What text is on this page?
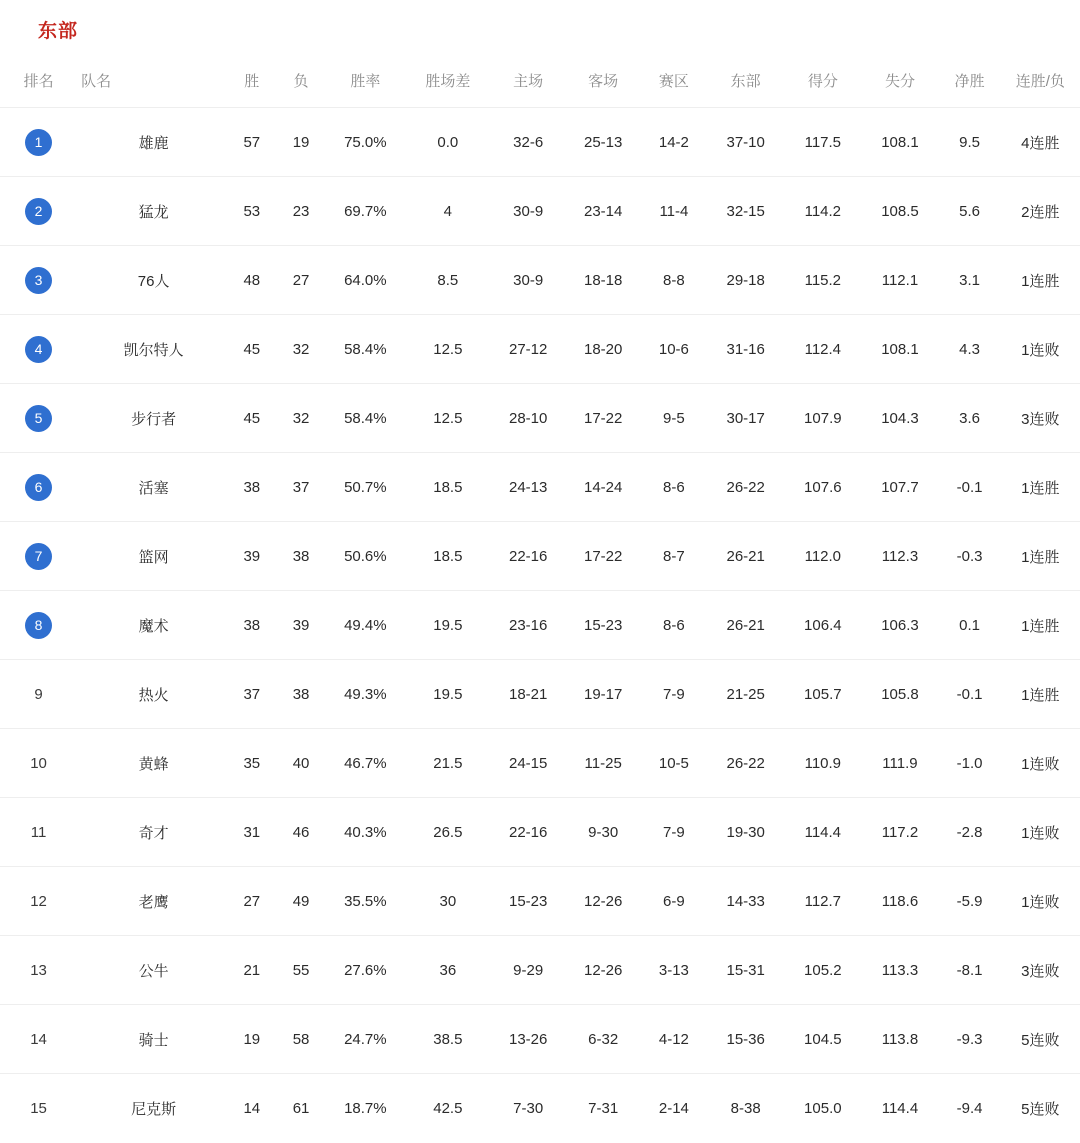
东部
排名	队名	胜	负	胜率	胜场差	主场	客场	赛区	东部	得分	失分	净胜	连胜/负
1	雄鹿	57	19	75.0%	0.0	32-6	25-13	14-2	37-10	117.5	108.1	9.5	4连胜
2	猛龙	53	23	69.7%	4	30-9	23-14	11-4	32-15	114.2	108.5	5.6	2连胜
3	76人	48	27	64.0%	8.5	30-9	18-18	8-8	29-18	115.2	112.1	3.1	1连胜
4	凯尔特人	45	32	58.4%	12.5	27-12	18-20	10-6	31-16	112.4	108.1	4.3	1连败
5	步行者	45	32	58.4%	12.5	28-10	17-22	9-5	30-17	107.9	104.3	3.6	3连败
6	活塞	38	37	50.7%	18.5	24-13	14-24	8-6	26-22	107.6	107.7	-0.1	1连胜
7	篮网	39	38	50.6%	18.5	22-16	17-22	8-7	26-21	112.0	112.3	-0.3	1连胜
8	魔术	38	39	49.4%	19.5	23-16	15-23	8-6	26-21	106.4	106.3	0.1	1连胜
9	热火	37	38	49.3%	19.5	18-21	19-17	7-9	21-25	105.7	105.8	-0.1	1连胜
10	黄蜂	35	40	46.7%	21.5	24-15	11-25	10-5	26-22	110.9	111.9	-1.0	1连败
11	奇才	31	46	40.3%	26.5	22-16	9-30	7-9	19-30	114.4	117.2	-2.8	1连败
12	老鹰	27	49	35.5%	30	15-23	12-26	6-9	14-33	112.7	118.6	-5.9	1连败
13	公牛	21	55	27.6%	36	9-29	12-26	3-13	15-31	105.2	113.3	-8.1	3连败
14	骑士	19	58	24.7%	38.5	13-26	6-32	4-12	15-36	104.5	113.8	-9.3	5连败
15	尼克斯	14	61	18.7%	42.5	7-30	7-31	2-14	8-38	105.0	114.4	-9.4	5连败
